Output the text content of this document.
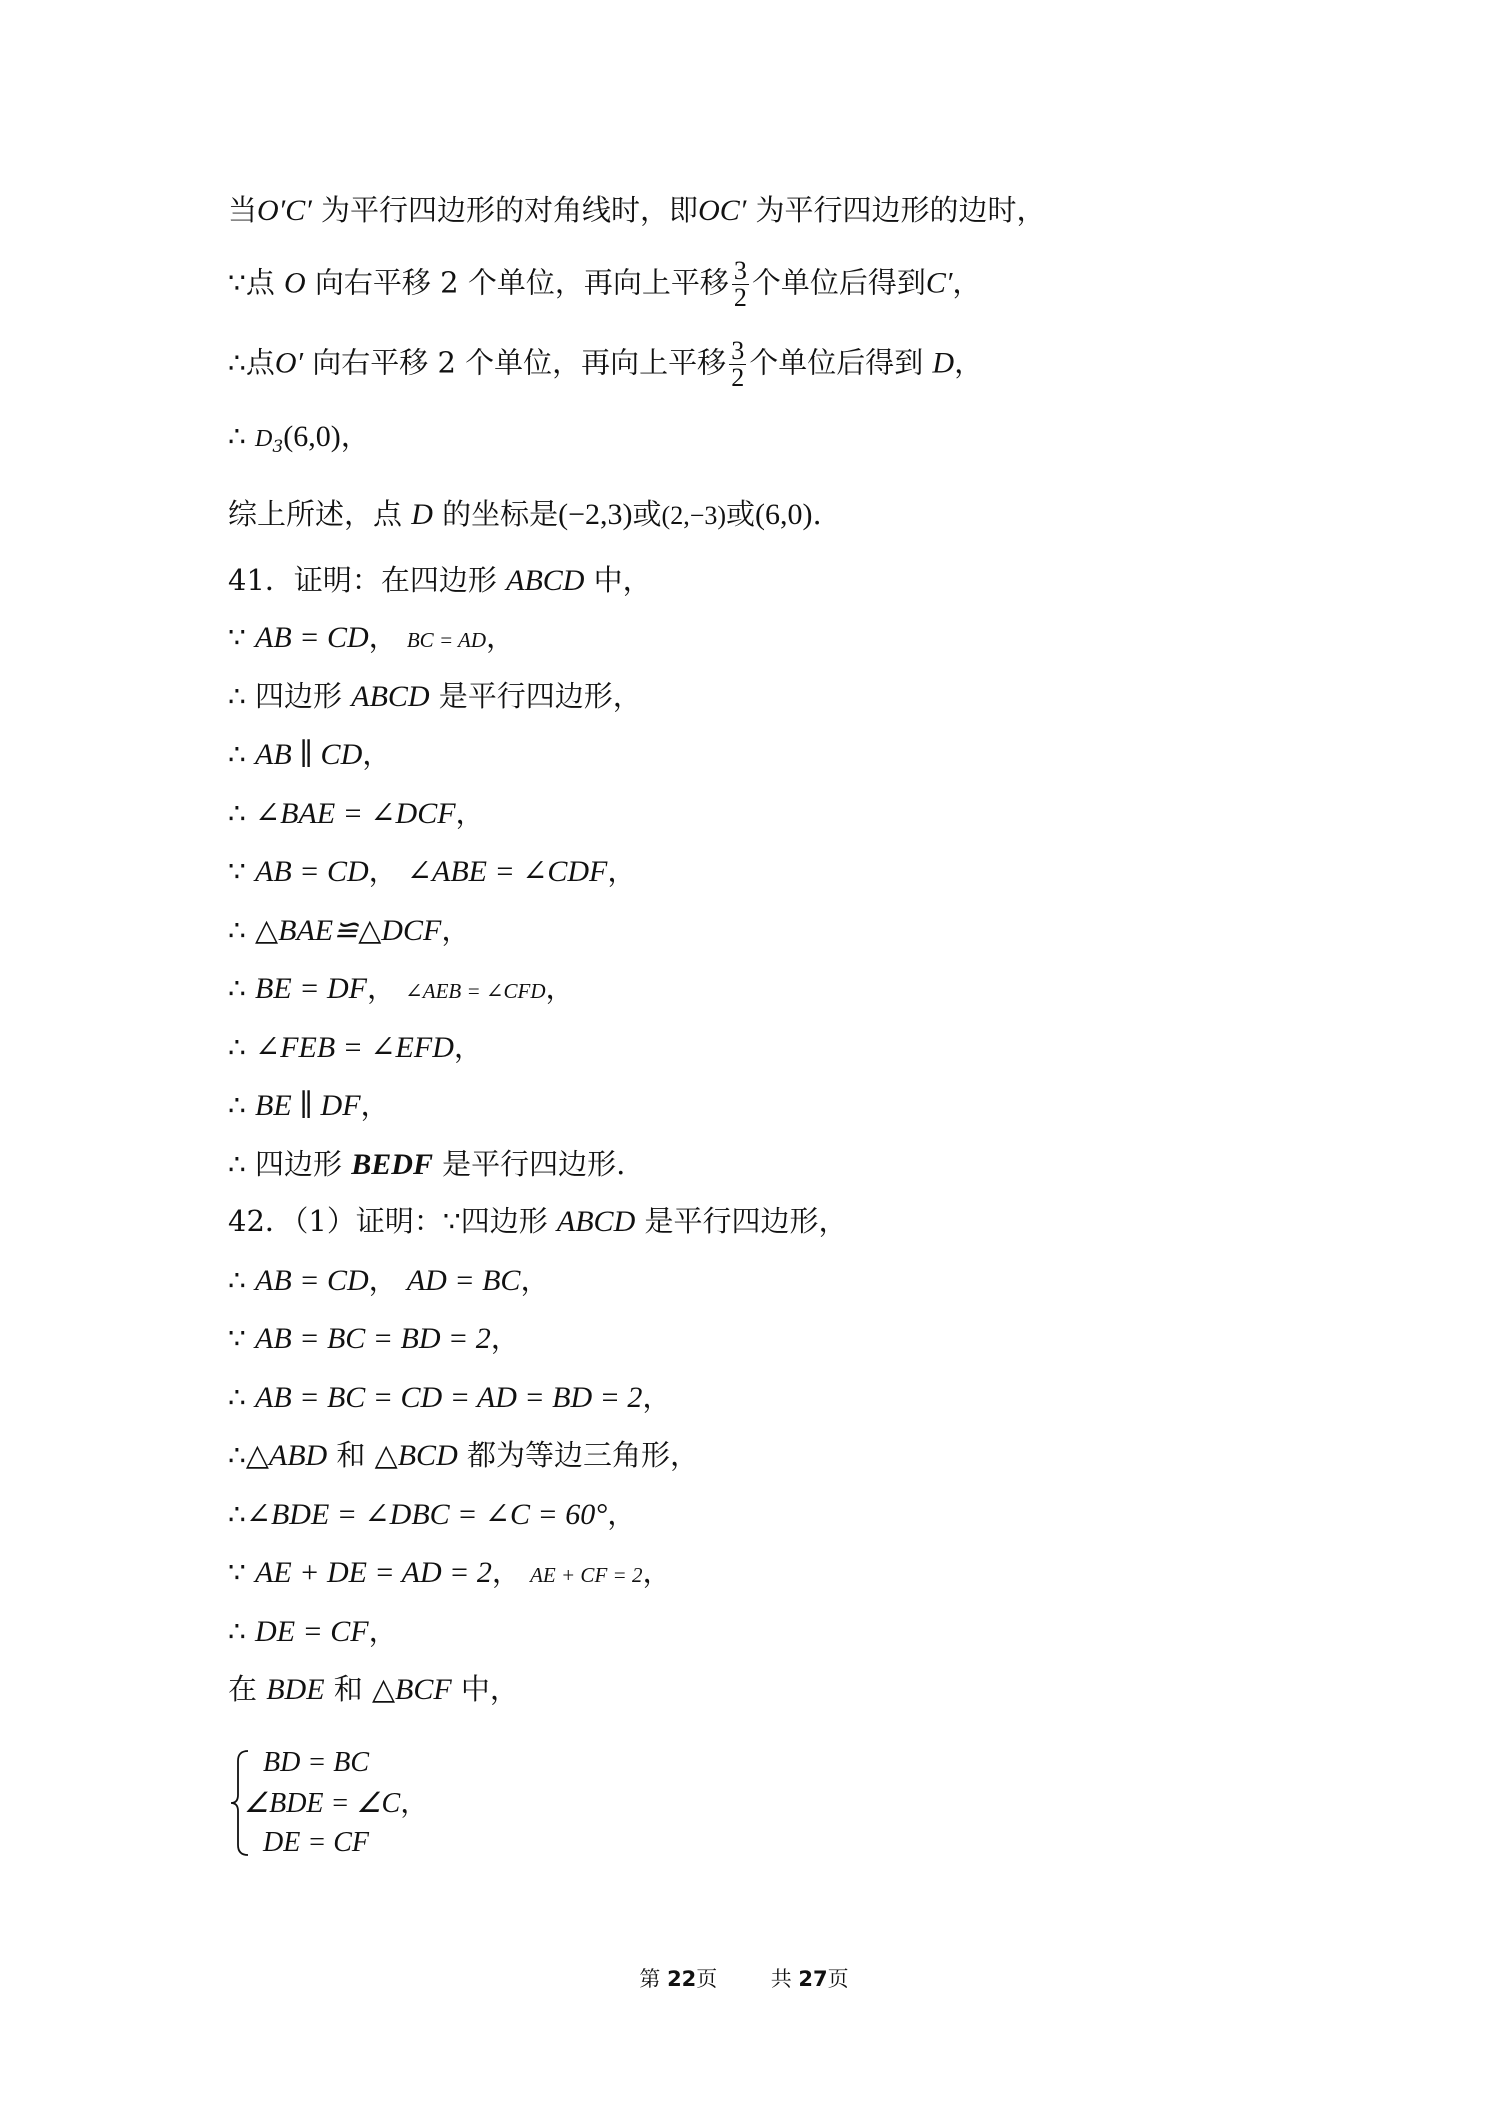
当O′C′ 为平行四边形的对角线时，即OC′ 为平行四边形的边时，
∵点 O 向右平移 2 个单位，再向上平移 $\frac{3}{2}$ 个单位后得到C′，
∴点O′ 向右平移 2 个单位，再向上平移 $\frac{3}{2}$ 个单位后得到 D，
∴ $D_3(6,0)$，
综上所述，点 D 的坐标是(−2,3)或(2,−3)或(6,0).
41．证明：在四边形 ABCD 中，
∵ AB = CD， BC = AD，
∴ 四边形 ABCD 是平行四边形，
∴ AB ∥ CD，
∴ ∠BAE = ∠DCF，
∵ AB = CD， ∠ABE = ∠CDF，
∴ △BAE≌△DCF，
∴ BE = DF， ∠AEB = ∠CFD，
∴ ∠FEB = ∠EFD，
∴ BE ∥ DF，
∴ 四边形 BEDF 是平行四边形.
42．（1）证明：∵四边形 ABCD 是平行四边形，
∴ AB = CD， AD = BC，
∵ AB = BC = BD = 2，
∴ AB = BC = CD = AD = BD = 2，
∴△ABD 和 △BCD 都为等边三角形，
∴∠BDE = ∠DBC = ∠C = 60°，
∵ AE + DE = AD = 2， AE + CF = 2，
∴ DE = CF，
在 BDE 和 △BCF 中，
BD = BC
∠BDE = ∠C，
DE = CF
第 22页	共 27页
